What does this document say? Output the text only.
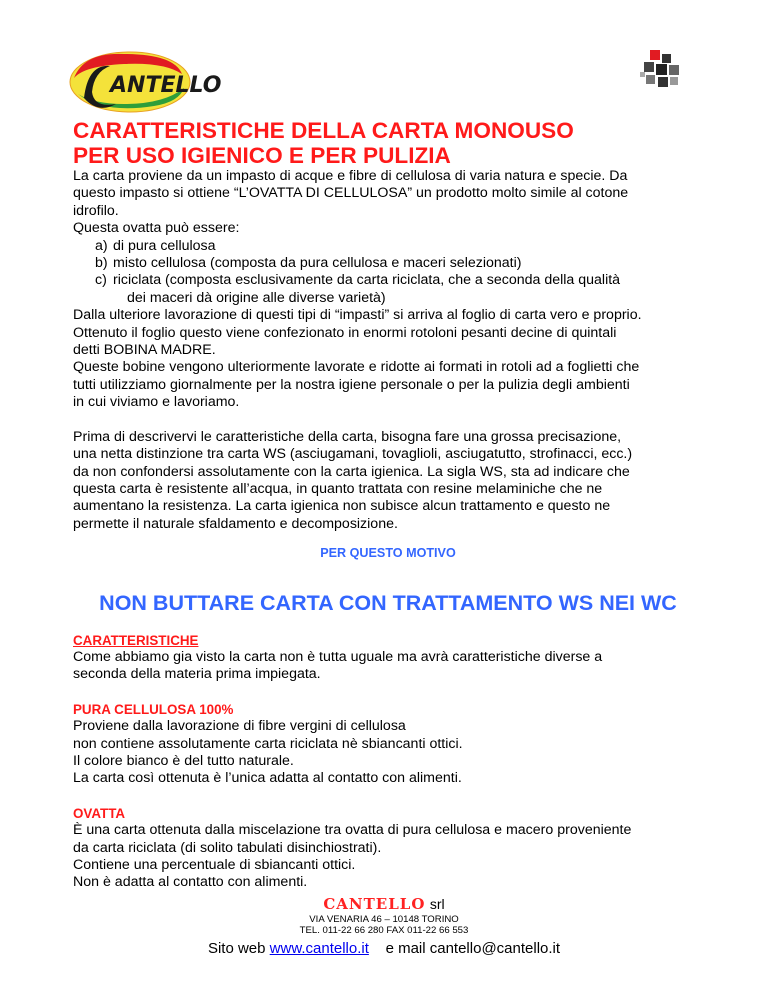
ANTELLO
CARATTERISTICHE DELLA CARTA MONOUSO
PER USO IGIENICO E PER PULIZIA

La carta proviene da un impasto di acque e fibre di cellulosa di varia natura e specie. Da
questo impasto si ottiene “L’OVATTA DI CELLULOSA” un prodotto molto simile al cotone
idrofilo.
Questa ovatta può essere:

a) di pura cellulosa
b) misto cellulosa (composta da pura cellulosa e maceri selezionati)
c) riciclata (composta esclusivamente da carta riciclata, che a seconda della qualità
dei maceri dà origine alle diverse varietà)

Dalla ulteriore lavorazione di questi tipi di “impasti” si arriva al foglio di carta vero e proprio.
Ottenuto il foglio questo viene confezionato in enormi rotoloni pesanti decine di quintali
detti BOBINA MADRE.
Queste bobine vengono ulteriormente lavorate e ridotte ai formati in rotoli ad a foglietti che
tutti utilizziamo giornalmente per la nostra igiene personale o per la pulizia degli ambienti
in cui viviamo e lavoriamo.

Prima di descrivervi le caratteristiche della carta, bisogna fare una grossa precisazione,
una netta distinzione tra carta WS (asciugamani, tovaglioli, asciugatutto, strofinacci, ecc.)
da non confondersi assolutamente con la carta igienica. La sigla WS, sta ad indicare che
questa carta è resistente all’acqua, in quanto trattata con resine melaminiche che ne
aumentano la resistenza. La carta igienica non subisce alcun trattamento e questo ne
permette il naturale sfaldamento e decomposizione.

PER QUESTO MOTIVO
NON BUTTARE CARTA CON TRATTAMENTO WS NEI WC
CARATTERISTICHE

Come abbiamo gia visto la carta non è tutta uguale ma avrà caratteristiche diverse a
seconda della materia prima impiegata.

PURA CELLULOSA 100%

Proviene dalla lavorazione di fibre vergini di cellulosa
non contiene assolutamente carta riciclata nè sbiancanti ottici.
Il colore bianco è del tutto naturale.
La carta così ottenuta è l’unica adatta al contatto con alimenti.

OVATTA

È una carta ottenuta dalla miscelazione tra ovatta di pura cellulosa e macero proveniente
da carta riciclata (di solito tabulati disinchiostrati).
Contiene una percentuale di sbiancanti ottici.
Non è adatta al contatto con alimenti.

CANTELLO srl
VIA VENARIA 46 – 10148 TORINO
TEL. 011-22 66 280 FAX 011-22 66 553
Sito web www.cantello.it e mail cantello@cantello.it
